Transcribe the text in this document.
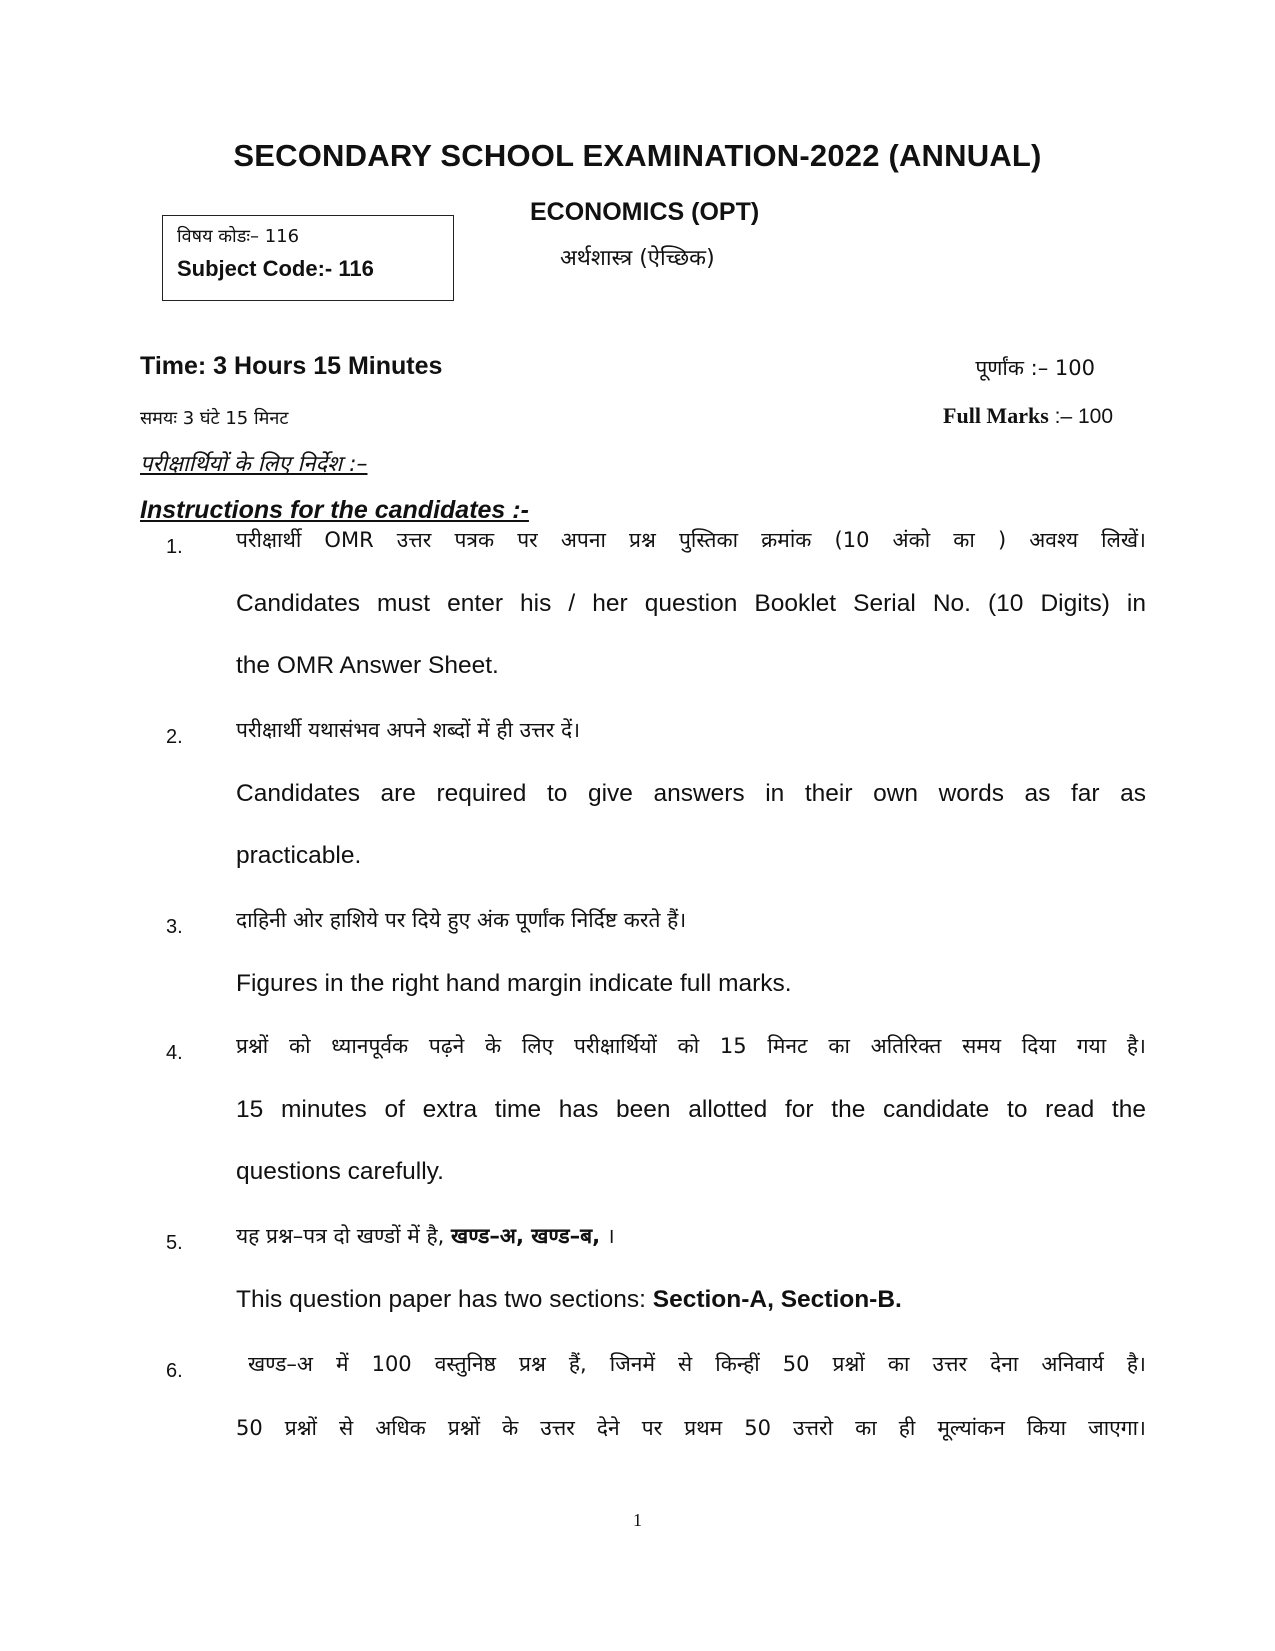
SECONDARY SCHOOL EXAMINATION-2022 (ANNUAL)
ECONOMICS (OPT)
अर्थशास्त्र (ऐच्छिक)
विषय कोडः– 116
Subject Code:- 116
Time: 3 Hours 15 Minutes
समयः 3 घंटे 15 मिनट
पूर्णांक :– 100
Full Marks :– 100
परीक्षार्थियों के लिए निर्देश :–
Instructions for the candidates :-
1.	परीक्षार्थी OMR उत्तर पत्रक पर अपना प्रश्न पुस्तिका क्रमांक (10 अंको का ) अवश्य लिखें।
Candidates must enter his / her question Booklet Serial No. (10 Digits) in
the OMR Answer Sheet.
2.	परीक्षार्थी यथासंभव अपने शब्दों में ही उत्तर दें।
Candidates are required to give answers in their own words as far as
practicable.
3.	दाहिनी ओर हाशिये पर दिये हुए अंक पूर्णांक निर्दिष्ट करते हैं।
Figures in the right hand margin indicate full marks.
4.	प्रश्नों को ध्यानपूर्वक पढ़ने के लिए परीक्षार्थियों को 15 मिनट का अतिरिक्त समय दिया गया है।
15 minutes of extra time has been allotted for the candidate to read the
questions carefully.
5.	यह प्रश्न–पत्र दो खण्डों में है, खण्ड–अ, खण्ड–ब, ।
This question paper has two sections: Section-A, Section-B.
6.	खण्ड–अ में 100 वस्तुनिष्ठ प्रश्न हैं, जिनमें से किन्हीं 50 प्रश्नों का उत्तर देना अनिवार्य है।
50 प्रश्नों से अधिक प्रश्नों के उत्तर देने पर प्रथम 50 उत्तरो का ही मूल्यांकन किया जाएगा।
1
